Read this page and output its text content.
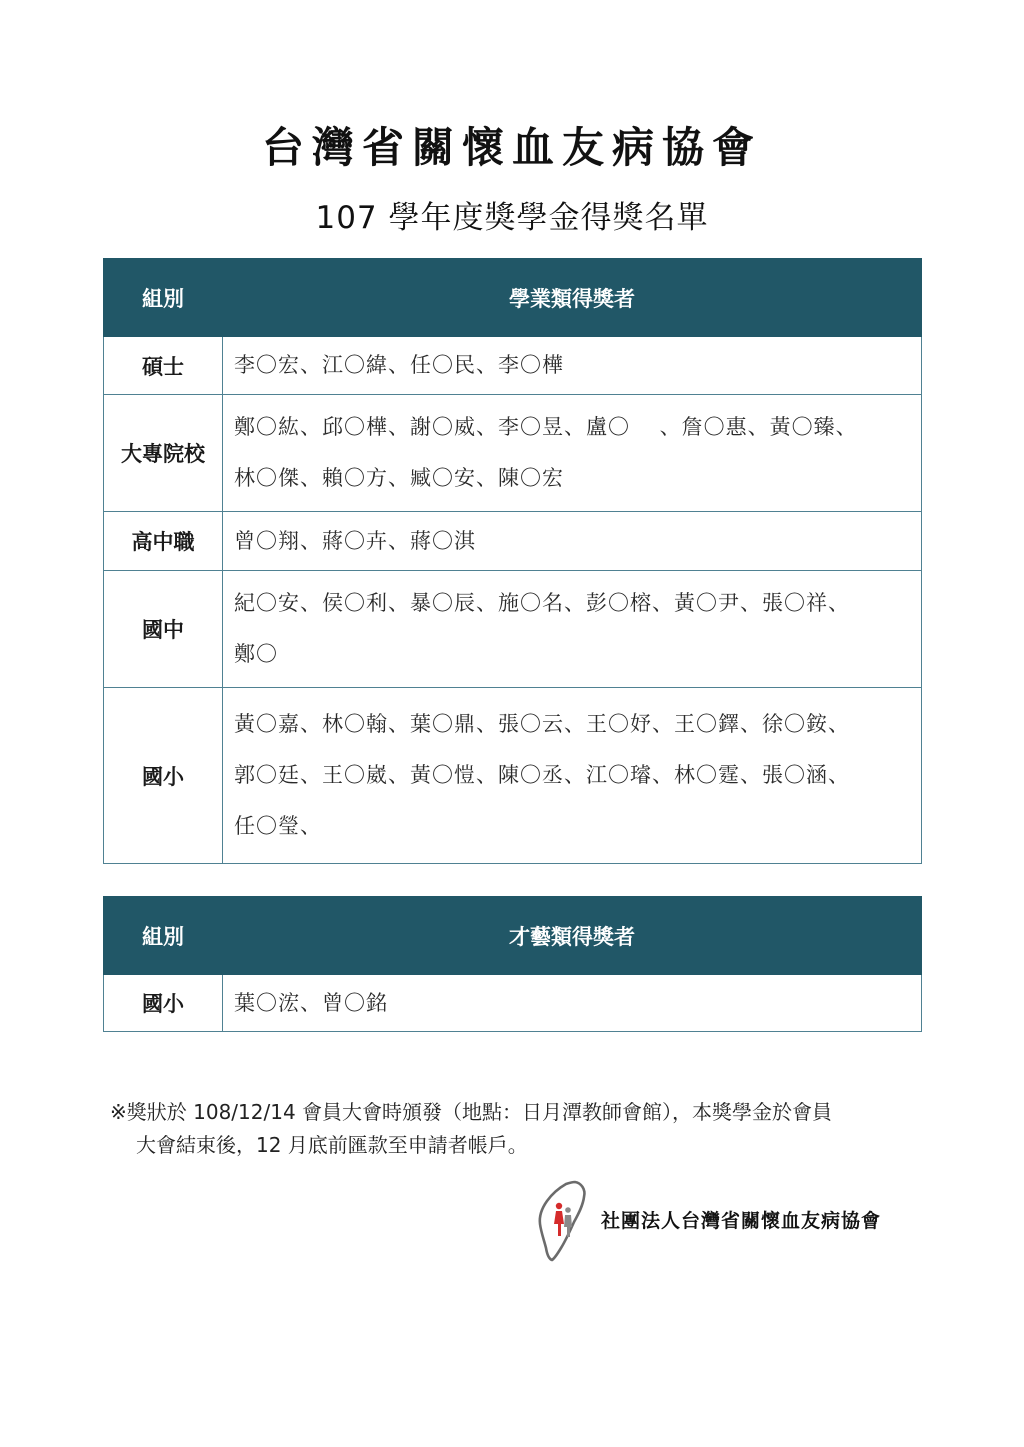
台灣省關懷血友病協會
107 學年度獎學金得獎名單
組別	學業類得獎者
碩士	李〇宏、江〇緯、任〇民、李〇樺

大專院校	鄭〇紘、邱〇樺、謝〇威、李〇昱、盧〇　 、詹〇惠、黃〇臻、
林〇傑、賴〇方、臧〇安、陳〇宏

高中職	曾〇翔、蔣〇卉、蔣〇淇

國中	紀〇安、侯〇利、暴〇辰、施〇名、彭〇榕、黃〇尹、張〇祥、
鄭〇

國小	黃〇嘉、林〇翰、葉〇鼎、張〇云、王〇妤、王〇鐸、徐〇銨、
郭〇廷、王〇崴、黃〇愷、陳〇丞、江〇璿、林〇霆、張〇涵、
任〇瑩、
組別	才藝類得獎者
國小	葉〇浤、曾〇銘
※獎狀於 108/12/14 會員大會時頒發（地點：日月潭教師會館），本獎學金於會員
大會結束後，12 月底前匯款至申請者帳戶。
社團法人台灣省關懷血友病協會
